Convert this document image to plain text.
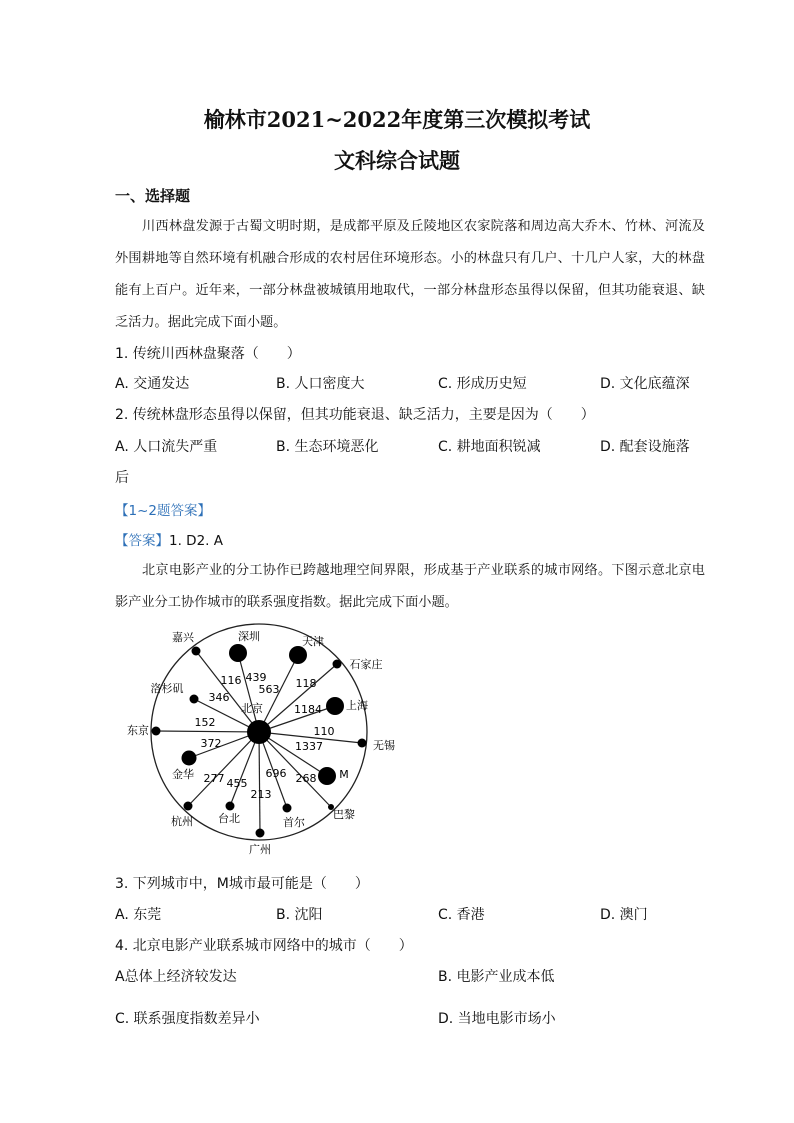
榆林市2021~2022年度第三次模拟考试
文科综合试题
一、选择题
川西林盘发源于古蜀文明时期，是成都平原及丘陵地区农家院落和周边高大乔木、竹林、河流及外围耕地等自然环境有机融合形成的农村居住环境形态。小的林盘只有几户、十几户人家，大的林盘能有上百户。近年来，一部分林盘被城镇用地取代，一部分林盘形态虽得以保留，但其功能衰退、缺乏活力。据此完成下面小题。
1. 传统川西林盘聚落（　　）
A. 交通发达	B. 人口密度大	C. 形成历史短	D. 文化底蕴深
2. 传统林盘形态虽得以保留，但其功能衰退、缺乏活力，主要是因为（　　）
A. 人口流失严重	B. 生态环境恶化	C. 耕地面积锐减	D. 配套设施落
后
【1~2题答案】
【答案】1. D2. A
北京电影产业的分工协作已跨越地理空间界限，形成基于产业联系的城市网络。下图示意北京电影产业分工协作城市的联系强度指数。据此完成下面小题。
北京
116 439
563 118
1184
110
1337
268
696
213
455
277
372
152
346
嘉兴	深圳	天津
石家庄
上海
无锡
M
巴黎
首尔
广州
台北
杭州
金华
东京
洛杉矶
3. 下列城市中，M城市最可能是（　　）
A. 东莞	B. 沈阳	C. 香港	D. 澳门
4. 北京电影产业联系城市网络中的城市（　　）
A总体上经济较发达	B. 电影产业成本低
C. 联系强度指数差异小	D. 当地电影市场小
